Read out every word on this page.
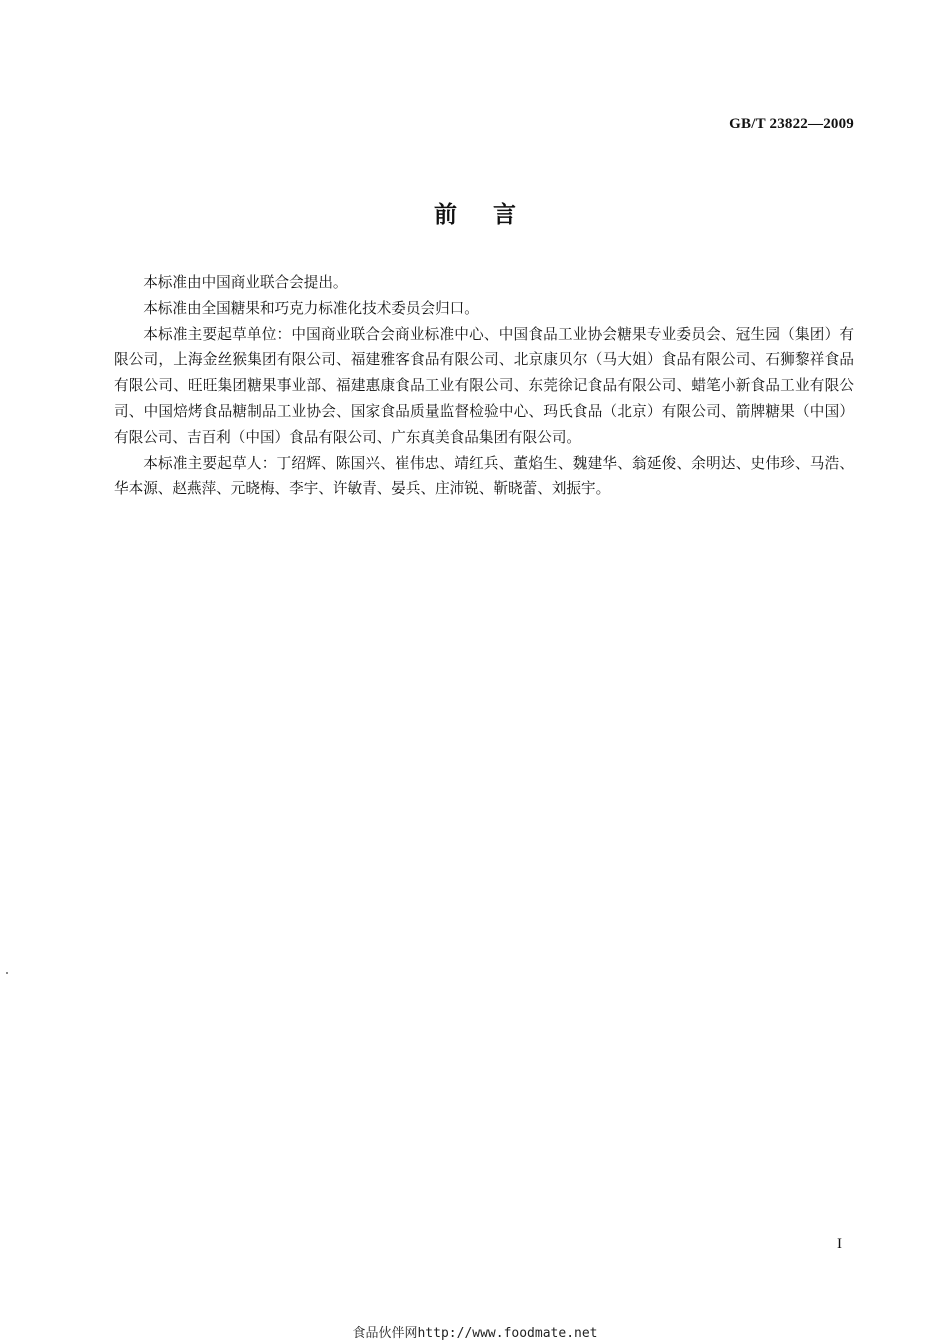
GB/T 23822—2009
前言

本标准由中国商业联合会提出。

本标准由全国糖果和巧克力标准化技术委员会归口。

本标准主要起草单位：中国商业联合会商业标准中心、中国食品工业协会糖果专业委员会、冠生园（集团）有限公司，上海金丝猴集团有限公司、福建雅客食品有限公司、北京康贝尔（马大姐）食品有限公司、石狮黎祥食品有限公司、旺旺集团糖果事业部、福建惠康食品工业有限公司、东莞徐记食品有限公司、蜡笔小新食品工业有限公司、中国焙烤食品糖制品工业协会、国家食品质量监督检验中心、玛氏食品（北京）有限公司、箭牌糖果（中国）有限公司、吉百利（中国）食品有限公司、广东真美食品集团有限公司。

本标准主要起草人：丁绍辉、陈国兴、崔伟忠、靖红兵、董焰生、魏建华、翁延俊、余明达、史伟珍、马浩、华本源、赵燕萍、元晓梅、李宇、许敏青、晏兵、庄沛锐、靳晓蕾、刘振宇。

I
食品伙伴网http://www.foodmate.net
